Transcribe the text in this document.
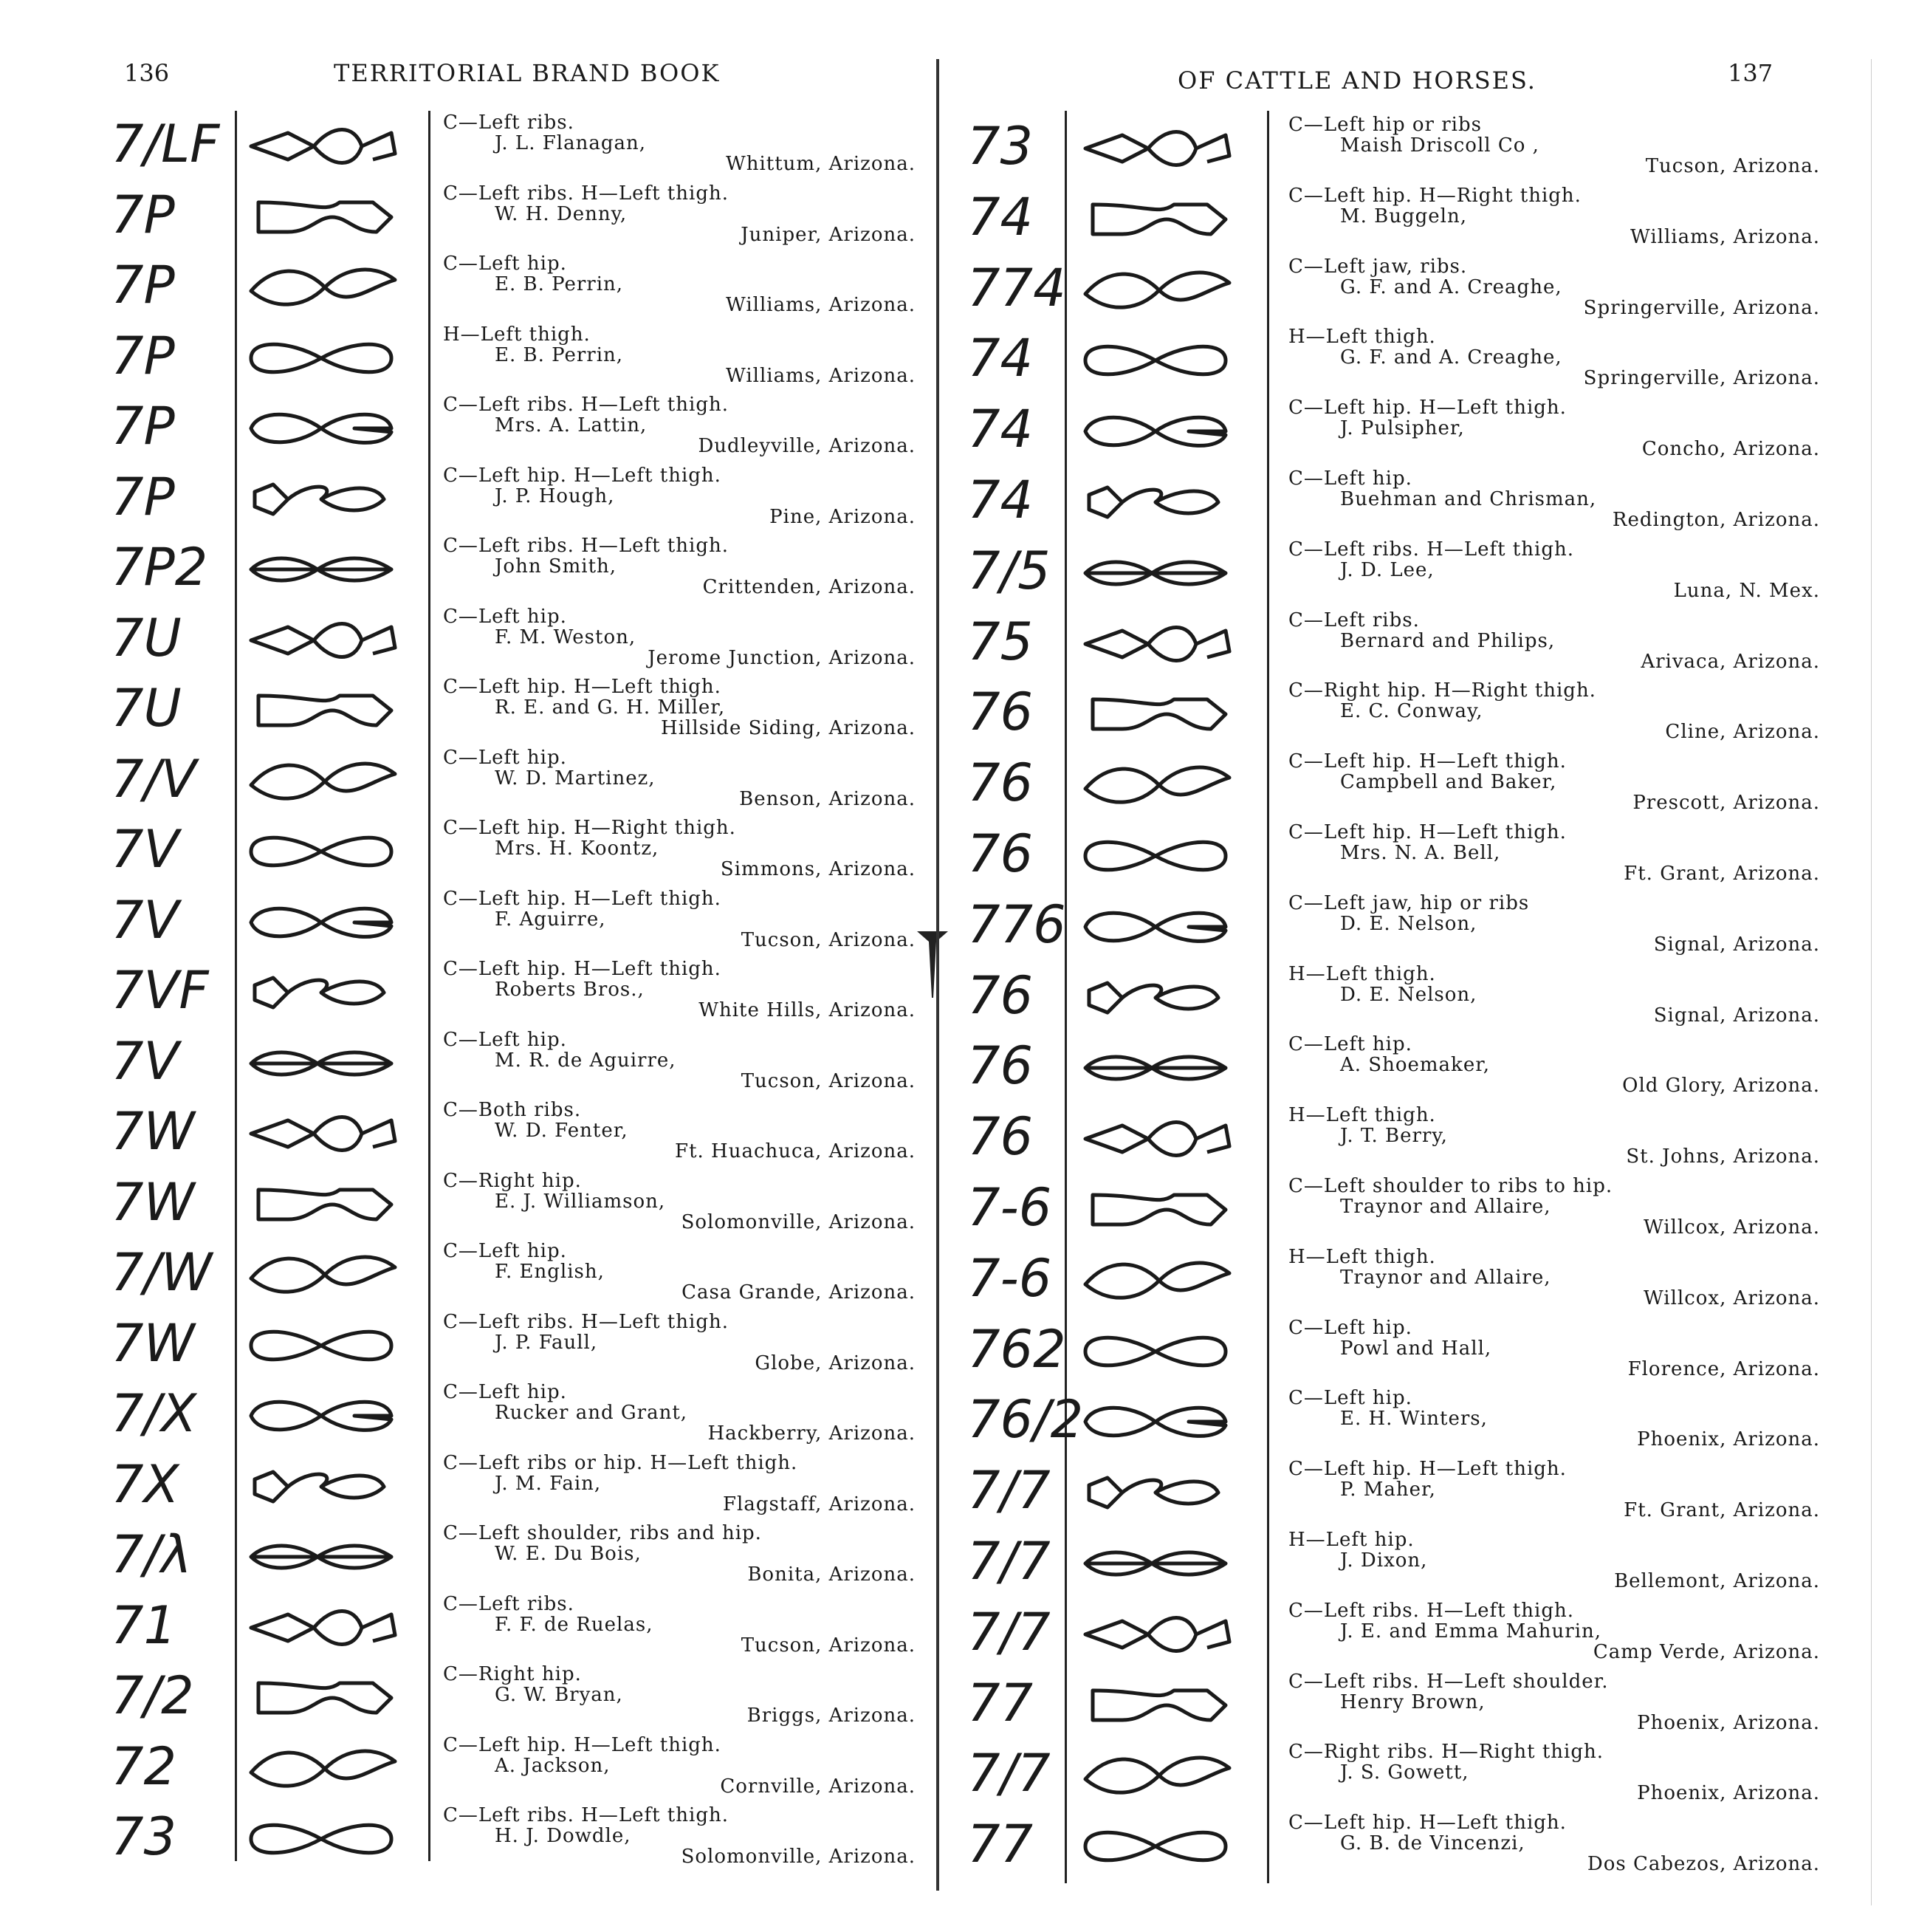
136	TERRITORIAL BRAND BOOK
7/LF	C—Left ribs.
J. L. Flanagan,
Whittum, Arizona.
7P	C—Left ribs. H—Left thigh.
W. H. Denny,
Juniper, Arizona.
7P	C—Left hip.
E. B. Perrin,
Williams, Arizona.
7P	H—Left thigh.
E. B. Perrin,
Williams, Arizona.
7P	C—Left ribs. H—Left thigh.
Mrs. A. Lattin,
Dudleyville, Arizona.
7P	C—Left hip. H—Left thigh.
J. P. Hough,
Pine, Arizona.
7P2	C—Left ribs. H—Left thigh.
John Smith,
Crittenden, Arizona.
7U	C—Left hip.
F. M. Weston,
Jerome Junction, Arizona.
7U	C—Left hip. H—Left thigh.
R. E. and G. H. Miller,
Hillside Siding, Arizona.
7/V	C—Left hip.
W. D. Martinez,
Benson, Arizona.
7V	C—Left hip. H—Right thigh.
Mrs. H. Koontz,
Simmons, Arizona.
7V	C—Left hip. H—Left thigh.
F. Aguirre,
Tucson, Arizona.
7VF	C—Left hip. H—Left thigh.
Roberts Bros.,
White Hills, Arizona.
7V	C—Left hip.
M. R. de Aguirre,
Tucson, Arizona.
7W	C—Both ribs.
W. D. Fenter,
Ft. Huachuca, Arizona.
7W	C—Right hip.
E. J. Williamson,
Solomonville, Arizona.
7/W	C—Left hip.
F. English,
Casa Grande, Arizona.
7W	C—Left ribs. H—Left thigh.
J. P. Faull,
Globe, Arizona.
7/X	C—Left hip.
Rucker and Grant,
Hackberry, Arizona.
7X	C—Left ribs or hip. H—Left thigh.
J. M. Fain,
Flagstaff, Arizona.
7/λ	C—Left shoulder, ribs and hip.
W. E. Du Bois,
Bonita, Arizona.
71	C—Left ribs.
F. F. de Ruelas,
Tucson, Arizona.
7/2	C—Right hip.
G. W. Bryan,
Briggs, Arizona.
72	C—Left hip. H—Left thigh.
A. Jackson,
Cornville, Arizona.
73	C—Left ribs. H—Left thigh.
H. J. Dowdle,
Solomonville, Arizona.
OF CATTLE AND HORSES.	137
73	C—Left hip or ribs
Maish Driscoll Co ,
Tucson, Arizona.
74	C—Left hip. H—Right thigh.
M. Buggeln,
Williams, Arizona.
774	C—Left jaw, ribs.
G. F. and A. Creaghe,
Springerville, Arizona.
74	H—Left thigh.
G. F. and A. Creaghe,
Springerville, Arizona.
74	C—Left hip. H—Left thigh.
J. Pulsipher,
Concho, Arizona.
74	C—Left hip.
Buehman and Chrisman,
Redington, Arizona.
7/5	C—Left ribs. H—Left thigh.
J. D. Lee,
Luna, N. Mex.
75	C—Left ribs.
Bernard and Philips,
Arivaca, Arizona.
76	C—Right hip. H—Right thigh.
E. C. Conway,
Cline, Arizona.
76	C—Left hip. H—Left thigh.
Campbell and Baker,
Prescott, Arizona.
76	C—Left hip. H—Left thigh.
Mrs. N. A. Bell,
Ft. Grant, Arizona.
776	C—Left jaw, hip or ribs
D. E. Nelson,
Signal, Arizona.
76	H—Left thigh.
D. E. Nelson,
Signal, Arizona.
76	C—Left hip.
A. Shoemaker,
Old Glory, Arizona.
76	H—Left thigh.
J. T. Berry,
St. Johns, Arizona.
7-6	C—Left shoulder to ribs to hip.
Traynor and Allaire,
Willcox, Arizona.
7-6	H—Left thigh.
Traynor and Allaire,
Willcox, Arizona.
762	C—Left hip.
Powl and Hall,
Florence, Arizona.
76/2	C—Left hip.
E. H. Winters,
Phoenix, Arizona.
7/7	C—Left hip. H—Left thigh.
P. Maher,
Ft. Grant, Arizona.
7/7	H—Left hip.
J. Dixon,
Bellemont, Arizona.
7/7	C—Left ribs. H—Left thigh.
J. E. and Emma Mahurin,
Camp Verde, Arizona.
77	C—Left ribs. H—Left shoulder.
Henry Brown,
Phoenix, Arizona.
7/7	C—Right ribs. H—Right thigh.
J. S. Gowett,
Phoenix, Arizona.
77	C—Left hip. H—Left thigh.
G. B. de Vincenzi,
Dos Cabezos, Arizona.
